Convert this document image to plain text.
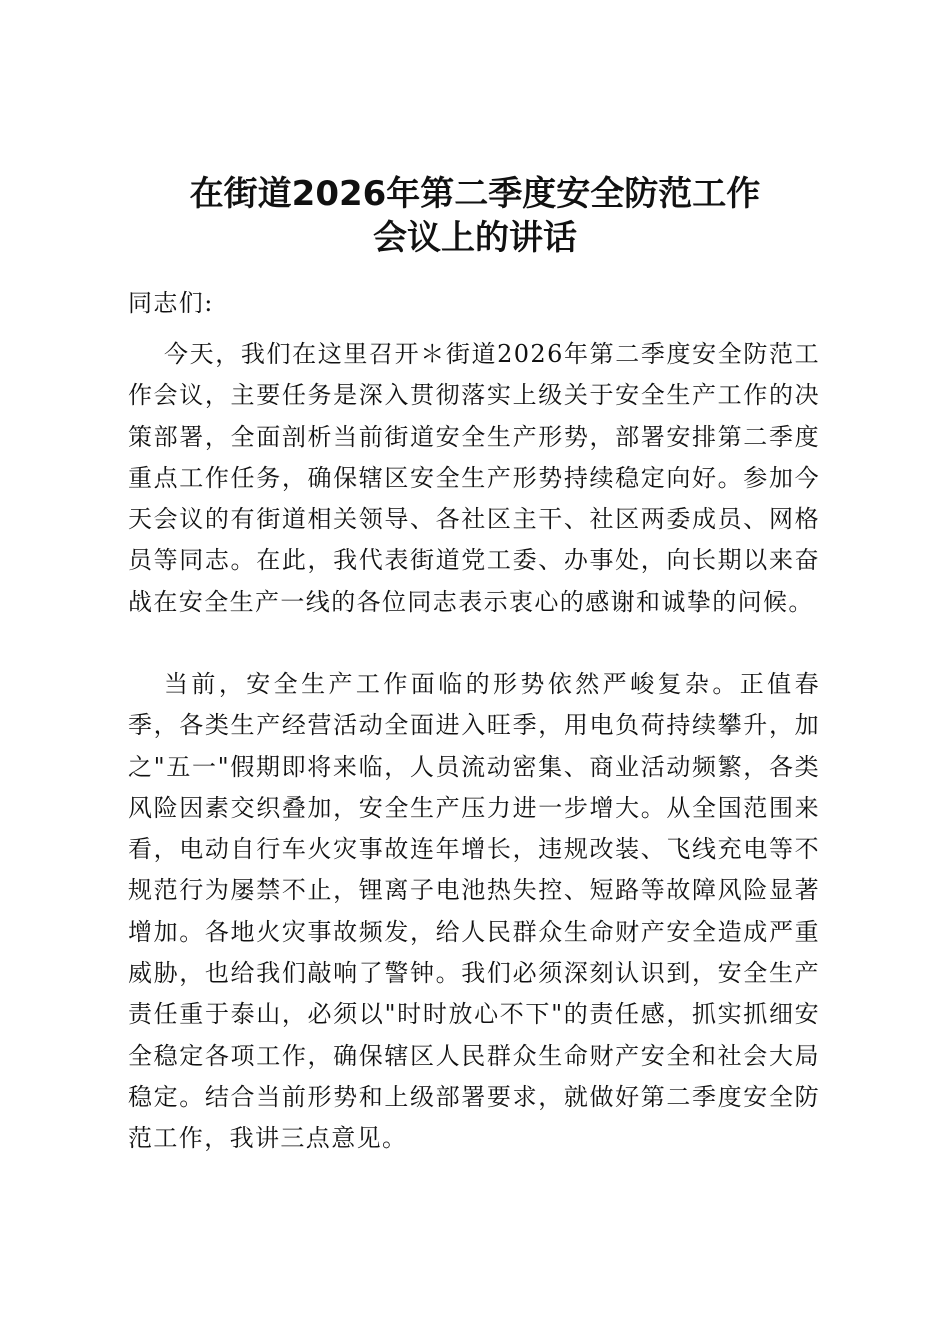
在街道2026年第二季度安全防范工作
会议上的讲话

同志们:

今天，我们在这里召开＊街道2026年第二季度安全防范工作会议，主要任务是深入贯彻落实上级关于安全生产工作的决策部署，全面剖析当前街道安全生产形势，部署安排第二季度重点工作任务，确保辖区安全生产形势持续稳定向好。参加今天会议的有街道相关领导、各社区主干、社区两委成员、网格员等同志。在此，我代表街道党工委、办事处，向长期以来奋战在安全生产一线的各位同志表示衷心的感谢和诚挚的问候。

当前，安全生产工作面临的形势依然严峻复杂。正值春季，各类生产经营活动全面进入旺季，用电负荷持续攀升，加之"五一"假期即将来临，人员流动密集、商业活动频繁，各类风险因素交织叠加，安全生产压力进一步增大。从全国范围来看，电动自行车火灾事故连年增长，违规改装、飞线充电等不规范行为屡禁不止，锂离子电池热失控、短路等故障风险显著增加。各地火灾事故频发，给人民群众生命财产安全造成严重威胁，也给我们敲响了警钟。我们必须深刻认识到，安全生产责任重于泰山，必须以"时时放心不下"的责任感，抓实抓细安全稳定各项工作，确保辖区人民群众生命财产安全和社会大局稳定。结合当前形势和上级部署要求，就做好第二季度安全防范工作，我讲三点意见。
